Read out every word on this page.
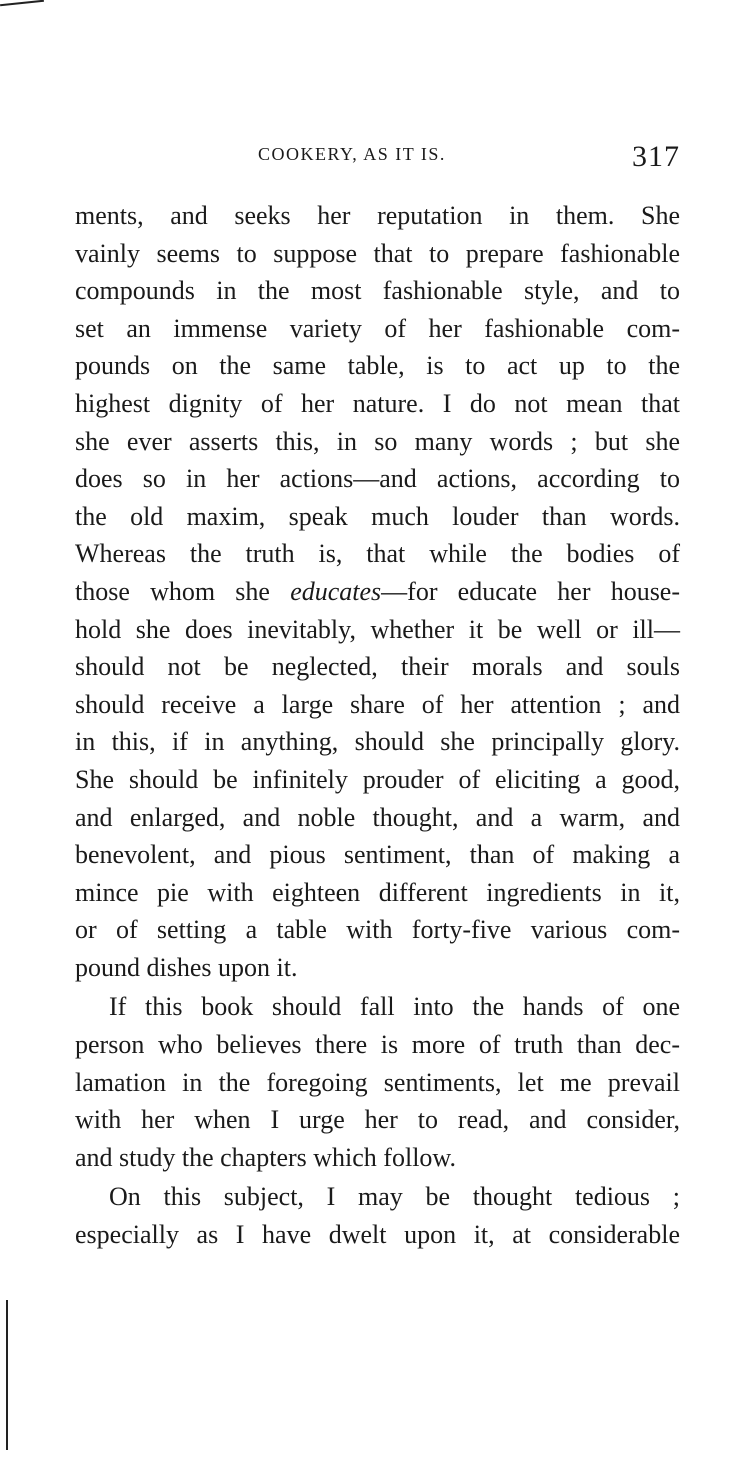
COOKERY, AS IT IS.	317
ments, and seeks her reputation in them. She
vainly seems to suppose that to prepare fashionable
compounds in the most fashionable style, and to
set an immense variety of her fashionable com-
pounds on the same table, is to act up to the
highest dignity of her nature. I do not mean that
she ever asserts this, in so many words ; but she
does so in her actions—and actions, according to
the old maxim, speak much louder than words.
Whereas the truth is, that while the bodies of
those whom she educates—for educate her house-
hold she does inevitably, whether it be well or ill—
should not be neglected, their morals and souls
should receive a large share of her attention ; and
in this, if in anything, should she principally glory.
She should be infinitely prouder of eliciting a good,
and enlarged, and noble thought, and a warm, and
benevolent, and pious sentiment, than of making a
mince pie with eighteen different ingredients in it,
or of setting a table with forty-five various com-
pound dishes upon it.
If this book should fall into the hands of one
person who believes there is more of truth than dec-
lamation in the foregoing sentiments, let me prevail
with her when I urge her to read, and consider,
and study the chapters which follow.
On this subject, I may be thought tedious ;
especially as I have dwelt upon it, at considerable
